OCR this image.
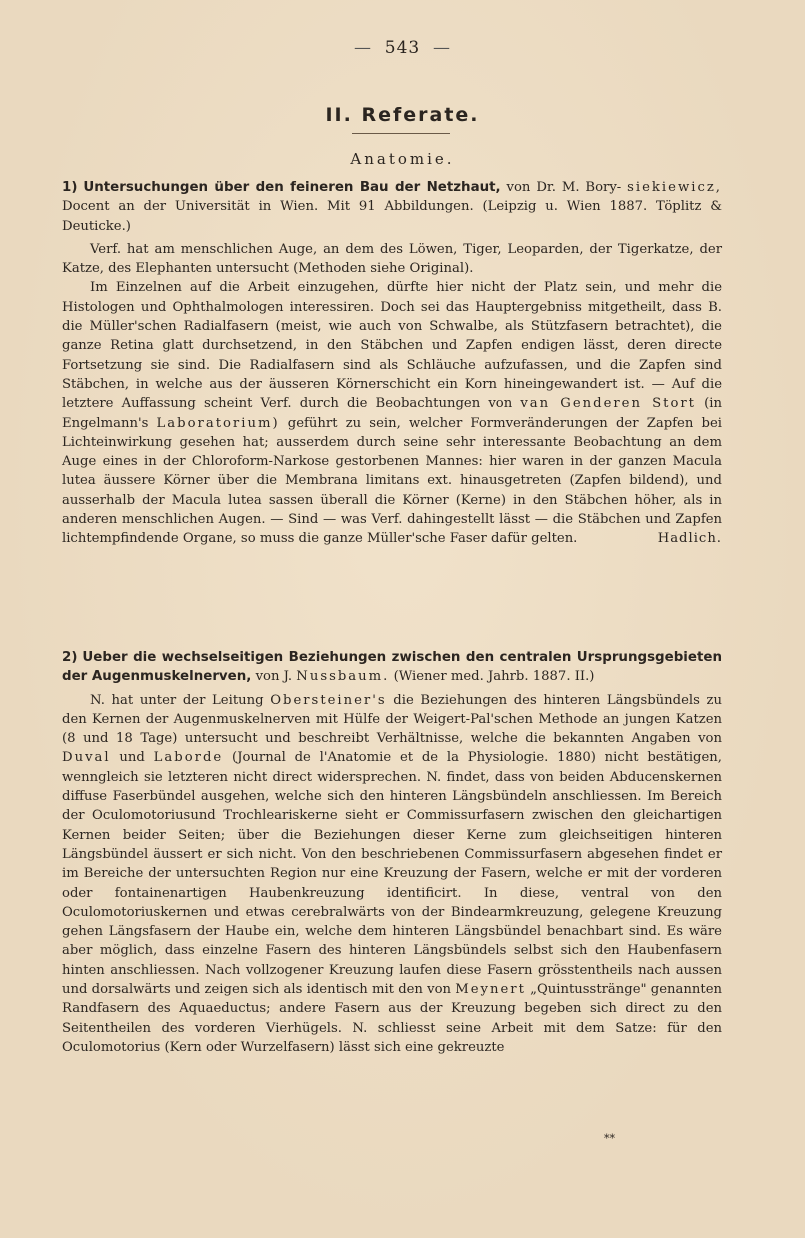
— 543 —
II. Referate.
Anatomie.

1) Untersuchungen über den feineren Bau der Netzhaut, von Dr. M. Bory- siekiewicz, Docent an der Universität in Wien. Mit 91 Abbildungen. (Leipzig u. Wien 1887. Töplitz & Deuticke.)

Verf. hat am menschlichen Auge, an dem des Löwen, Tiger, Leoparden, der Tigerkatze, der Katze, des Elephanten untersucht (Methoden siehe Original).

Im Einzelnen auf die Arbeit einzugehen, dürfte hier nicht der Platz sein, und mehr die Histologen und Ophthalmologen interessiren. Doch sei das Hauptergebniss mitgetheilt, dass B. die Müller'schen Radialfasern (meist, wie auch von Schwalbe, als Stützfasern betrachtet), die ganze Retina glatt durchsetzend, in den Stäbchen und Zapfen endigen lässt, deren directe Fortsetzung sie sind. Die Radialfasern sind als Schläuche aufzufassen, und die Zapfen sind Stäbchen, in welche aus der äusseren Körnerschicht ein Korn hineingewandert ist. — Auf die letztere Auffassung scheint Verf. durch die Beobachtungen von van Genderen Stort (in Engelmann's Laboratorium) geführt zu sein, welcher Formveränderungen der Zapfen bei Lichteinwirkung gesehen hat; ausserdem durch seine sehr interessante Beobachtung an dem Auge eines in der Chloroform-Narkose gestorbenen Mannes: hier waren in der ganzen Macula lutea äussere Körner über die Membrana limitans ext. hinausgetreten (Zapfen bildend), und ausserhalb der Macula lutea sassen überall die Körner (Kerne) in den Stäbchen höher, als in anderen menschlichen Augen. — Sind — was Verf. dahingestellt lässt — die Stäbchen und Zapfen lichtempfindende Organe, so muss die ganze Müller'sche Faser dafür gelten.	Hadlich.

2) Ueber die wechselseitigen Beziehungen zwischen den centralen Ursprungsgebieten der Augenmuskelnerven, von J. Nussbaum. (Wiener med. Jahrb. 1887. II.)

N. hat unter der Leitung Obersteiner's die Beziehungen des hinteren Längsbündels zu den Kernen der Augenmuskelnerven mit Hülfe der Weigert-Pal'schen Methode an jungen Katzen (8 und 18 Tage) untersucht und beschreibt Verhältnisse, welche die bekannten Angaben von Duval und Laborde (Journal de l'Anatomie et de la Physiologie. 1880) nicht bestätigen, wenngleich sie letzteren nicht direct widersprechen. N. findet, dass von beiden Abducenskernen diffuse Faserbündel ausgehen, welche sich den hinteren Längsbündeln anschliessen. Im Bereich der Oculomotoriusund Trochleariskerne sieht er Commissurfasern zwischen den gleichartigen Kernen beider Seiten; über die Beziehungen dieser Kerne zum gleichseitigen hinteren Längsbündel äussert er sich nicht. Von den beschriebenen Commissurfasern abgesehen findet er im Bereiche der untersuchten Region nur eine Kreuzung der Fasern, welche er mit der vorderen oder fontainenartigen Haubenkreuzung identificirt. In diese, ventral von den Oculomotoriuskernen und etwas cerebralwärts von der Bindearmkreuzung, gelegene Kreuzung gehen Längsfasern der Haube ein, welche dem hinteren Längsbündel benachbart sind. Es wäre aber möglich, dass einzelne Fasern des hinteren Längsbündels selbst sich den Haubenfasern hinten anschliessen. Nach vollzogener Kreuzung laufen diese Fasern grösstentheils nach aussen und dorsalwärts und zeigen sich als identisch mit den von Meynert „Quintusstränge" genannten Randfasern des Aquaeductus; andere Fasern aus der Kreuzung begeben sich direct zu den Seitentheilen des vorderen Vierhügels. N. schliesst seine Arbeit mit dem Satze: für den Oculomotorius (Kern oder Wurzelfasern) lässt sich eine gekreuzte

**
